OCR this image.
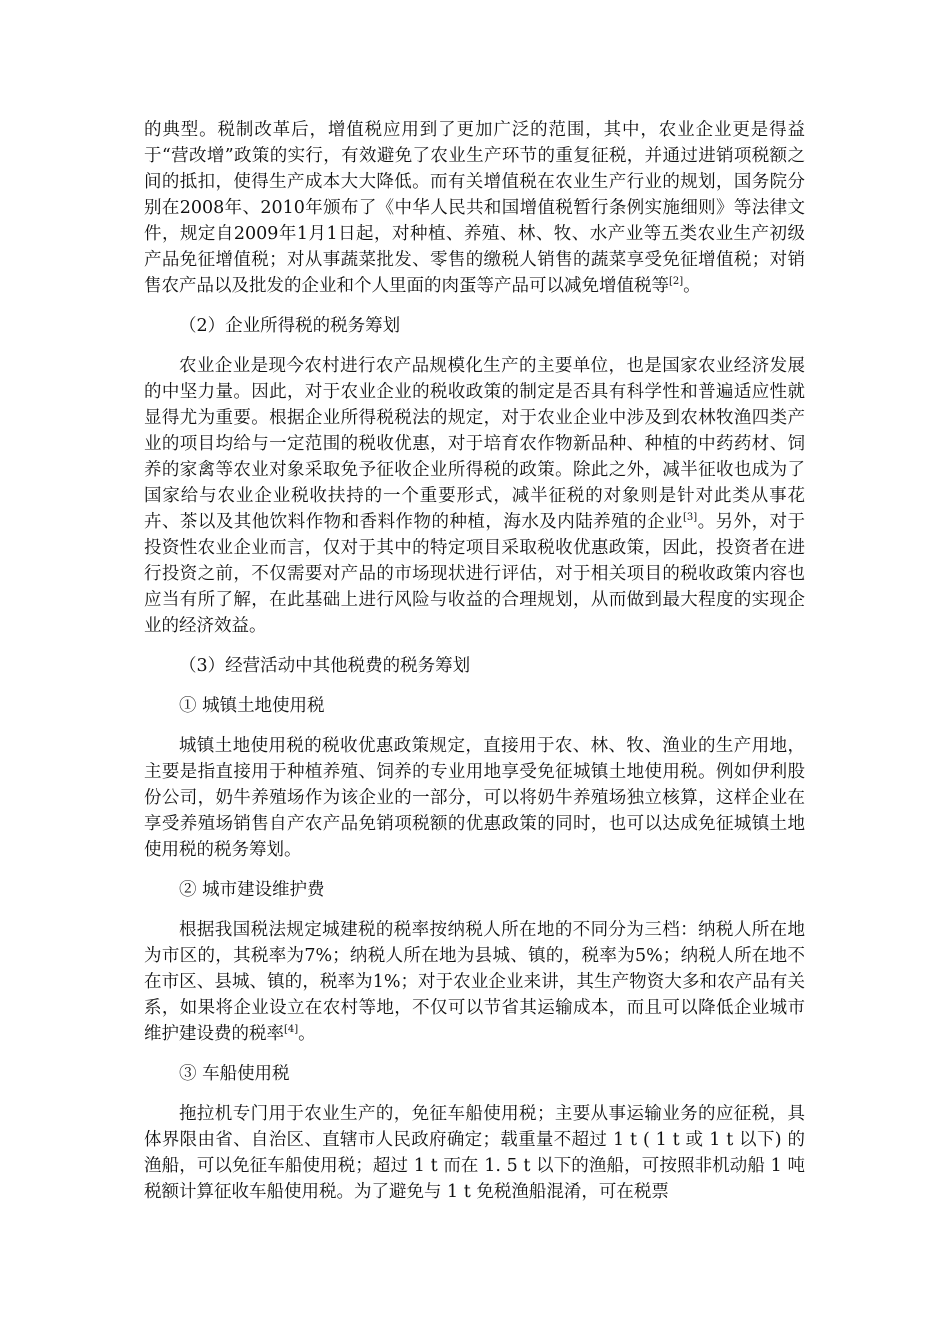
的典型。税制改革后，增值税应用到了更加广泛的范围，其中，农业企业更是得益于“营改增”政策的实行，有效避免了农业生产环节的重复征税，并通过进销项税额之间的抵扣，使得生产成本大大降低。而有关增值税在农业生产行业的规划，国务院分别在2008年、2010年颁布了《中华人民共和国增值税暂行条例实施细则》等法律文件，规定自2009年1月1日起，对种植、养殖、林、牧、水产业等五类农业生产初级产品免征增值税；对从事蔬菜批发、零售的缴税人销售的蔬菜享受免征增值税；对销售农产品以及批发的企业和个人里面的肉蛋等产品可以减免增值税等[2]。

（2）企业所得税的税务筹划

农业企业是现今农村进行农产品规模化生产的主要单位，也是国家农业经济发展的中坚力量。因此，对于农业企业的税收政策的制定是否具有科学性和普遍适应性就显得尤为重要。根据企业所得税税法的规定，对于农业企业中涉及到农林牧渔四类产业的项目均给与一定范围的税收优惠，对于培育农作物新品种、种植的中药药材、饲养的家禽等农业对象采取免予征收企业所得税的政策。除此之外，减半征收也成为了国家给与农业企业税收扶持的一个重要形式，减半征税的对象则是针对此类从事花卉、茶以及其他饮料作物和香料作物的种植，海水及内陆养殖的企业[3]。另外，对于投资性农业企业而言，仅对于其中的特定项目采取税收优惠政策，因此，投资者在进行投资之前，不仅需要对产品的市场现状进行评估，对于相关项目的税收政策内容也应当有所了解，在此基础上进行风险与收益的合理规划，从而做到最大程度的实现企业的经济效益。

（3）经营活动中其他税费的税务筹划

① 城镇土地使用税

城镇土地使用税的税收优惠政策规定，直接用于农、林、牧、渔业的生产用地，主要是指直接用于种植养殖、饲养的专业用地享受免征城镇土地使用税。例如伊利股份公司，奶牛养殖场作为该企业的一部分，可以将奶牛养殖场独立核算，这样企业在享受养殖场销售自产农产品免销项税额的优惠政策的同时，也可以达成免征城镇土地使用税的税务筹划。

② 城市建设维护费

根据我国税法规定城建税的税率按纳税人所在地的不同分为三档：纳税人所在地为市区的，其税率为7%；纳税人所在地为县城、镇的，税率为5%；纳税人所在地不在市区、县城、镇的，税率为1%；对于农业企业来讲，其生产物资大多和农产品有关系，如果将企业设立在农村等地，不仅可以节省其运输成本，而且可以降低企业城市维护建设费的税率[4]。

③ 车船使用税

拖拉机专门用于农业生产的，免征车船使用税；主要从事运输业务的应征税，具体界限由省、自治区、直辖市人民政府确定；载重量不超过 1 t ( 1 t 或 1 t 以下) 的渔船，可以免征车船使用税；超过 1 t 而在 1. 5 t 以下的渔船，可按照非机动船 1 吨税额计算征收车船使用税。为了避免与 1 t 免税渔船混淆，可在税票
